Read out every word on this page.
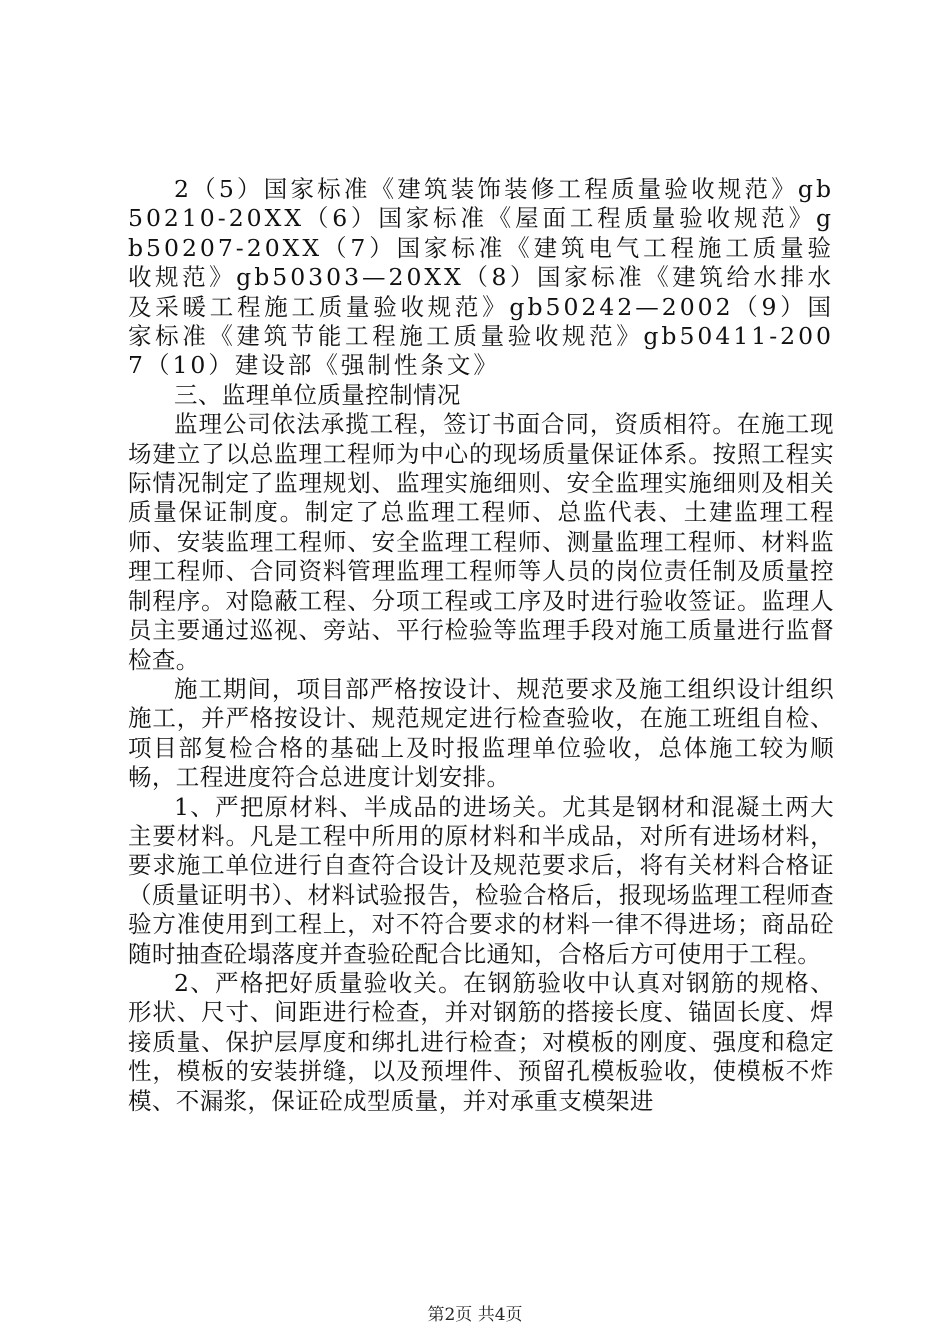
2（5）国家标准《建筑装饰装修工程质量验收规范》gb50210-20XX（6）国家标准《屋面工程质量验收规范》gb50207-20XX（7）国家标准《建筑电气工程施工质量验收规范》gb50303—20XX（8）国家标准《建筑给水排水及采暖工程施工质量验收规范》gb50242—2002（9）国家标准《建筑节能工程施工质量验收规范》gb50411-2007（10）建设部《强制性条文》

三、监理单位质量控制情况

监理公司依法承揽工程，签订书面合同，资质相符。在施工现场建立了以总监理工程师为中心的现场质量保证体系。按照工程实际情况制定了监理规划、监理实施细则、安全监理实施细则及相关质量保证制度。制定了总监理工程师、总监代表、土建监理工程师、安装监理工程师、安全监理工程师、测量监理工程师、材料监理工程师、合同资料管理监理工程师等人员的岗位责任制及质量控制程序。对隐蔽工程、分项工程或工序及时进行验收签证。监理人员主要通过巡视、旁站、平行检验等监理手段对施工质量进行监督检查。

施工期间，项目部严格按设计、规范要求及施工组织设计组织施工，并严格按设计、规范规定进行检查验收，在施工班组自检、项目部复检合格的基础上及时报监理单位验收，总体施工较为顺畅，工程进度符合总进度计划安排。

1、严把原材料、半成品的进场关。尤其是钢材和混凝土两大主要材料。凡是工程中所用的原材料和半成品，对所有进场材料，要求施工单位进行自查符合设计及规范要求后，将有关材料合格证（质量证明书）、材料试验报告，检验合格后，报现场监理工程师查验方准使用到工程上，对不符合要求的材料一律不得进场；商品砼随时抽查砼塌落度并查验砼配合比通知，合格后方可使用于工程。

2、严格把好质量验收关。在钢筋验收中认真对钢筋的规格、形状、尺寸、间距进行检查，并对钢筋的搭接长度、锚固长度、焊接质量、保护层厚度和绑扎进行检查；对模板的刚度、强度和稳定性，模板的安装拼缝，以及预埋件、预留孔模板验收，使模板不炸模、不漏浆，保证砼成型质量，并对承重支模架进

第2页 共4页
